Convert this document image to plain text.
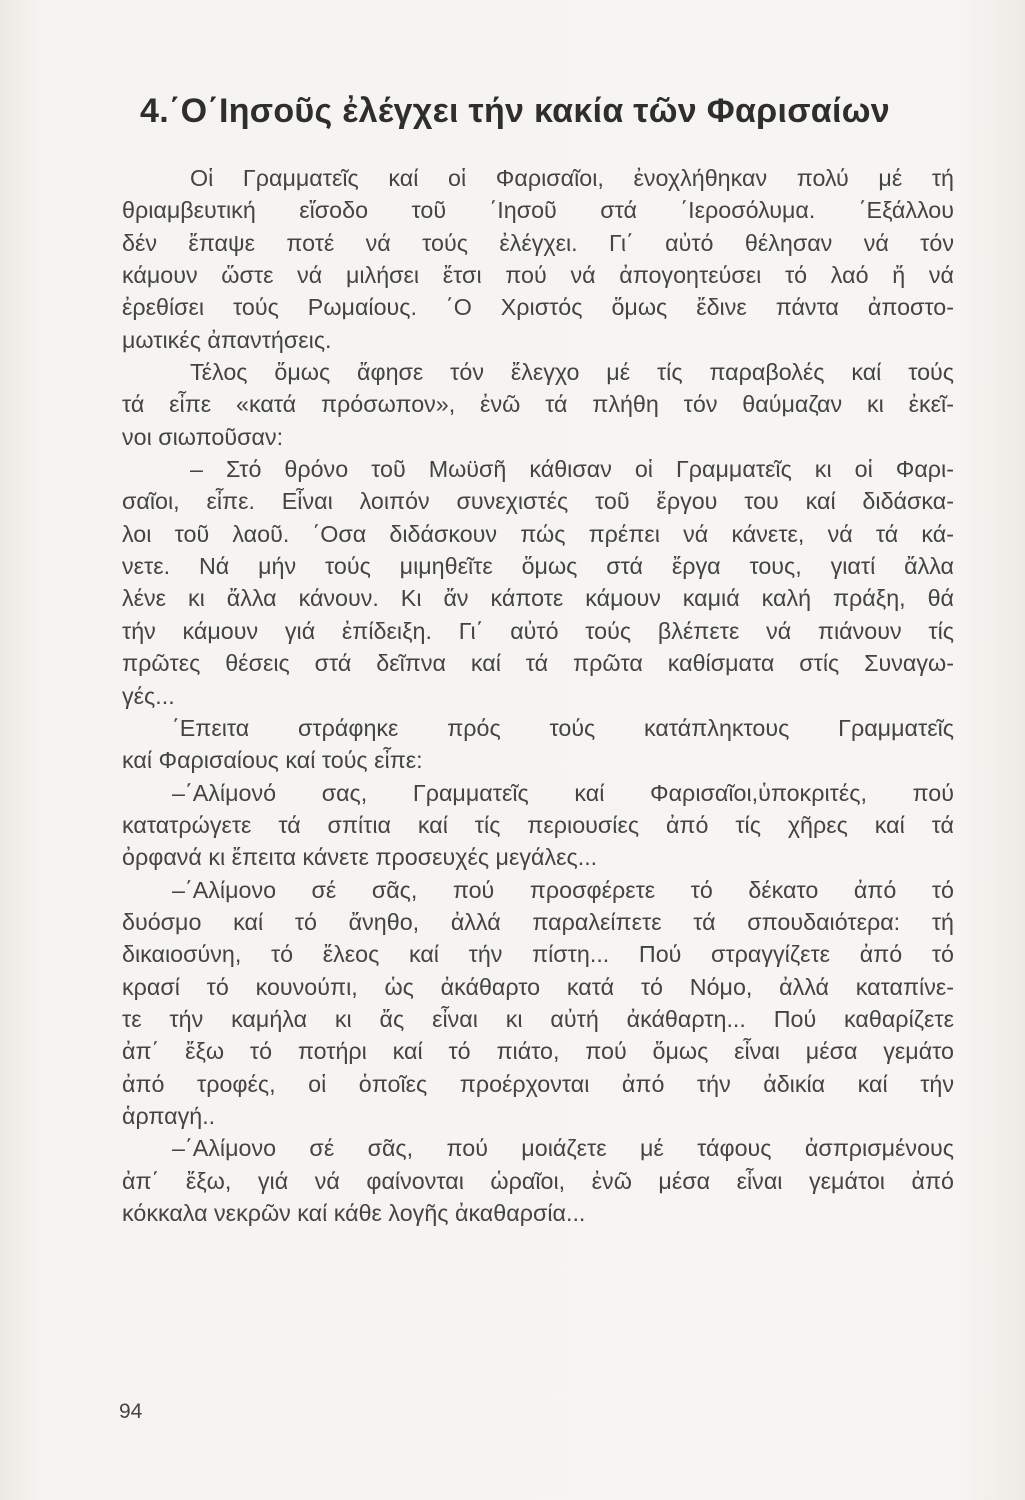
4.΄Ο΄Ιησοῦς ἐλέγχει τήν κακία τῶν Φαρισαίων
Οἱ Γραμματεῖς καί οἱ Φαρισαῖοι, ἐνοχλήθηκαν πολύ μέ τή
θριαμβευτική εἴσοδο τοῦ ΄Ιησοῦ στά ΄Ιεροσόλυμα. ΄Εξάλλου
δέν ἔπαψε ποτέ νά τούς ἐλέγχει. Γι΄ αὐτό θέλησαν νά τόν
κάμουν ὥστε νά μιλήσει ἔτσι πού νά ἀπογοητεύσει τό λαό ἤ νά
ἐρεθίσει τούς Ρωμαίους. ΄Ο Χριστός ὅμως ἔδινε πάντα ἀποστο-
μωτικές ἀπαντήσεις.
Τέλος ὅμως ἄφησε τόν ἔλεγχο μέ τίς παραβολές καί τούς
τά εἶπε «κατά πρόσωπον», ἐνῶ τά πλήθη τόν θαύμαζαν κι ἐκεῖ-
νοι σιωποῦσαν:
– Στό θρόνο τοῦ Μωϋσῆ κάθισαν οἱ Γραμματεῖς κι οἱ Φαρι-
σαῖοι, εἶπε. Εἶναι λοιπόν συνεχιστές τοῦ ἔργου του καί διδάσκα-
λοι τοῦ λαοῦ. ΄Οσα διδάσκουν πώς πρέπει νά κάνετε, νά τά κά-
νετε. Νά μήν τούς μιμηθεῖτε ὅμως στά ἔργα τους, γιατί ἄλλα
λένε κι ἄλλα κάνουν. Κι ἄν κάποτε κάμουν καμιά καλή πράξη, θά
τήν κάμουν γιά ἐπίδειξη. Γι΄ αὐτό τούς βλέπετε νά πιάνουν τίς
πρῶτες θέσεις στά δεῖπνα καί τά πρῶτα καθίσματα στίς Συναγω-
γές...
΄Επειτα στράφηκε πρός τούς κατάπληκτους Γραμματεῖς
καί Φαρισαίους καί τούς εἶπε:
–΄Αλίμονό σας, Γραμματεῖς καί Φαρισαῖοι,ὑποκριτές, πού
κατατρώγετε τά σπίτια καί τίς περιουσίες ἀπό τίς χῆρες καί τά
ὀρφανά κι ἔπειτα κάνετε προσευχές μεγάλες...
–΄Αλίμονο σέ σᾶς, πού προσφέρετε τό δέκατο ἀπό τό
δυόσμο καί τό ἄνηθο, ἀλλά παραλείπετε τά σπουδαιότερα: τή
δικαιοσύνη, τό ἔλεος καί τήν πίστη... Πού στραγγίζετε ἀπό τό
κρασί τό κουνούπι, ὡς ἀκάθαρτο κατά τό Νόμο, ἀλλά καταπίνε-
τε τήν καμήλα κι ἄς εἶναι κι αὐτή ἀκάθαρτη... Πού καθαρίζετε
ἀπ΄ ἔξω τό ποτήρι καί τό πιάτο, πού ὅμως εἶναι μέσα γεμάτο
ἀπό τροφές, οἱ ὁποῖες προέρχονται ἀπό τήν ἀδικία καί τήν
ἁρπαγή..
–΄Αλίμονο σέ σᾶς, πού μοιάζετε μέ τάφους ἀσπρισμένους
ἀπ΄ ἔξω, γιά νά φαίνονται ὡραῖοι, ἐνῶ μέσα εἶναι γεμάτοι ἀπό
κόκκαλα νεκρῶν καί κάθε λογῆς ἀκαθαρσία...
94
